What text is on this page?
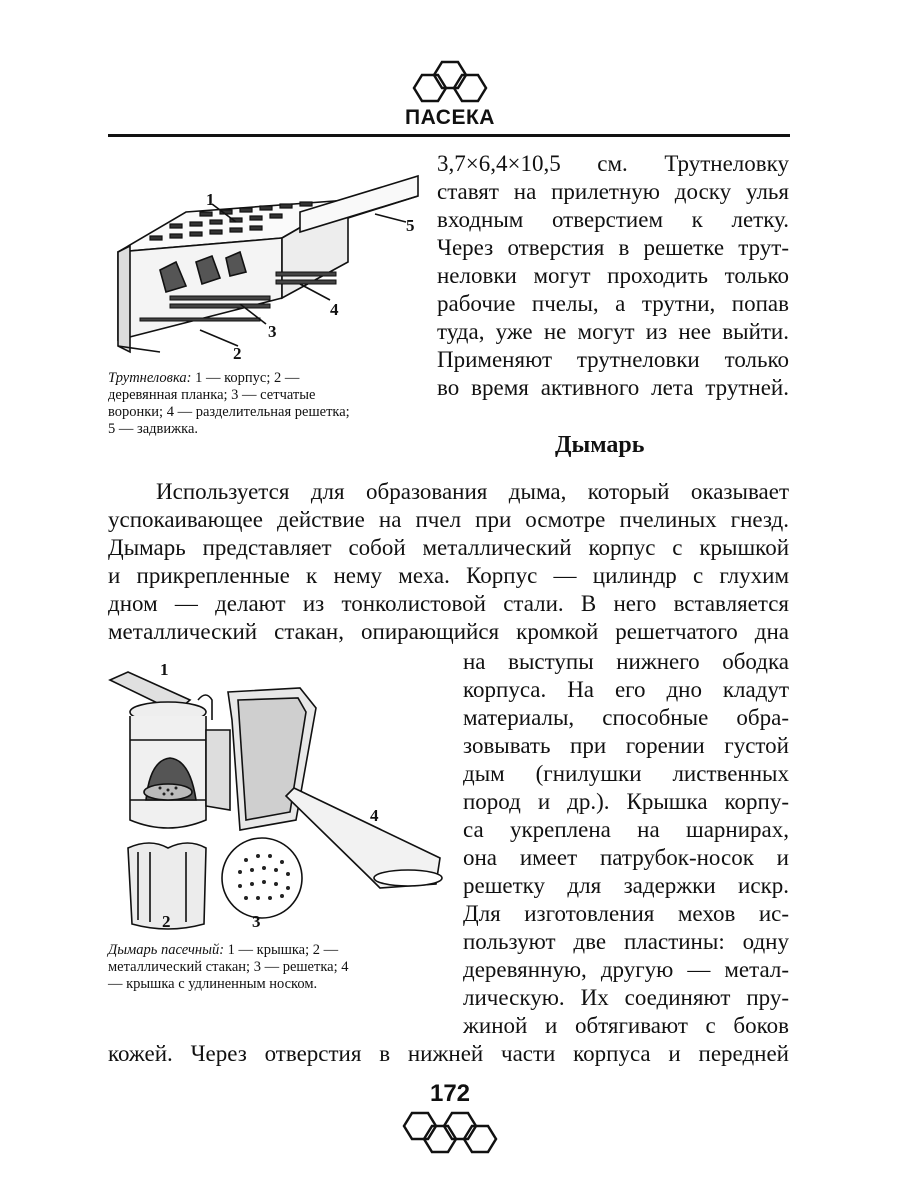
ПАСЕКА
1
2
3
4
5
Трутнеловка: 1 — корпус; 2 —
деревянная планка; 3 — сетчатые
воронки; 4 — разделительная решетка;
5 — задвижка.
3,7×6,4×10,5 см. Трутнеловку
ставят на прилетную доску улья
входным отверстием к летку.
Через отверстия в решетке трут-
неловки могут проходить только
рабочие пчелы, а трутни, попав
туда, уже не могут из нее выйти.
Применяют трутнеловки только
во время активного лета трутней.
Дымарь
Используется для образования дыма, который оказывает
успокаивающее действие на пчел при осмотре пчелиных гнезд.
Дымарь представляет собой металлический корпус с крышкой
и прикрепленные к нему меха. Корпус — цилиндр с глухим
дном — делают из тонколистовой стали. В него вставляется
металлический стакан, опирающийся кромкой решетчатого дна
1
2	3
4
Дымарь пасечный: 1 — крышка; 2 —
металлический стакан; 3 — решетка; 4
— крышка с удлиненным носком.
на выступы нижнего ободка
корпуса. На его дно кладут
материалы, способные обра-
зовывать при горении густой
дым (гнилушки лиственных
пород и др.). Крышка корпу-
са укреплена на шарнирах,
она имеет патрубок-носок и
решетку для задержки искр.
Для изготовления мехов ис-
пользуют две пластины: одну
деревянную, другую — метал-
лическую. Их соединяют пру-
жиной и обтягивают с боков
кожей. Через отверстия в нижней части корпуса и передней
172
